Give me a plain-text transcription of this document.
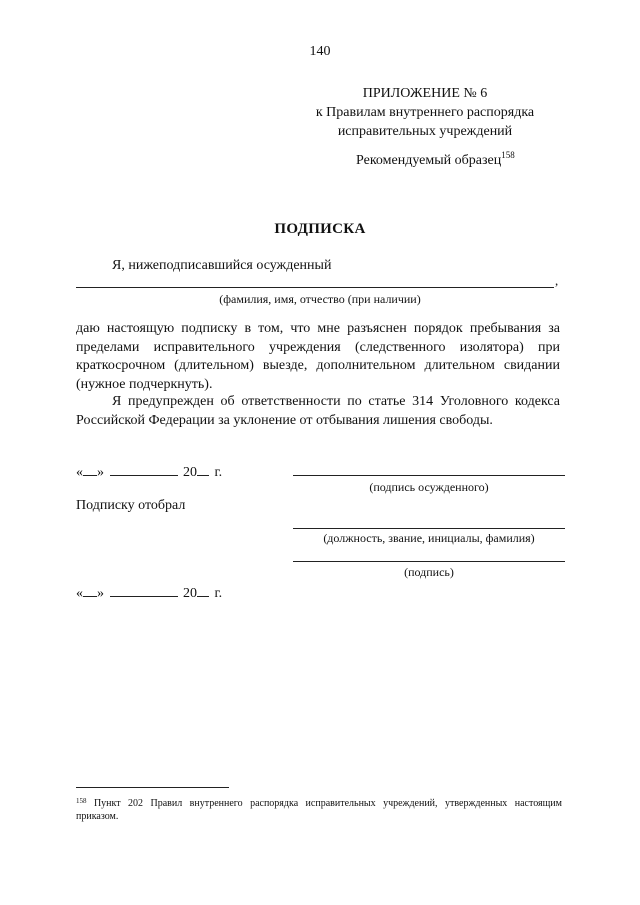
140
ПРИЛОЖЕНИЕ № 6
к Правилам внутреннего распорядка
исправительных учреждений
Рекомендуемый образец$^{158}$
ПОДПИСКА
Я, нижеподписавшийся осужденный
,
(фамилия, имя, отчество (при наличии)

даю настоящую подписку в том, что мне разъяснен порядок пребывания за пределами исправительного учреждения (следственного изолятора) при краткосрочном (длительном) выезде, дополнительном длительном свидании (нужное подчеркнуть).

Я предупрежден об ответственности по статье 314 Уголовного кодекса Российской Федерации за уклонение от отбывания лишения свободы.

« »	20 г.
(подпись осужденного)
Подписку отобрал
(должность, звание, инициалы, фамилия)
(подпись)
« »	20 г.
$^{158}$ Пункт 202 Правил внутреннего распорядка исправительных учреждений, утвержденных настоящим приказом.
